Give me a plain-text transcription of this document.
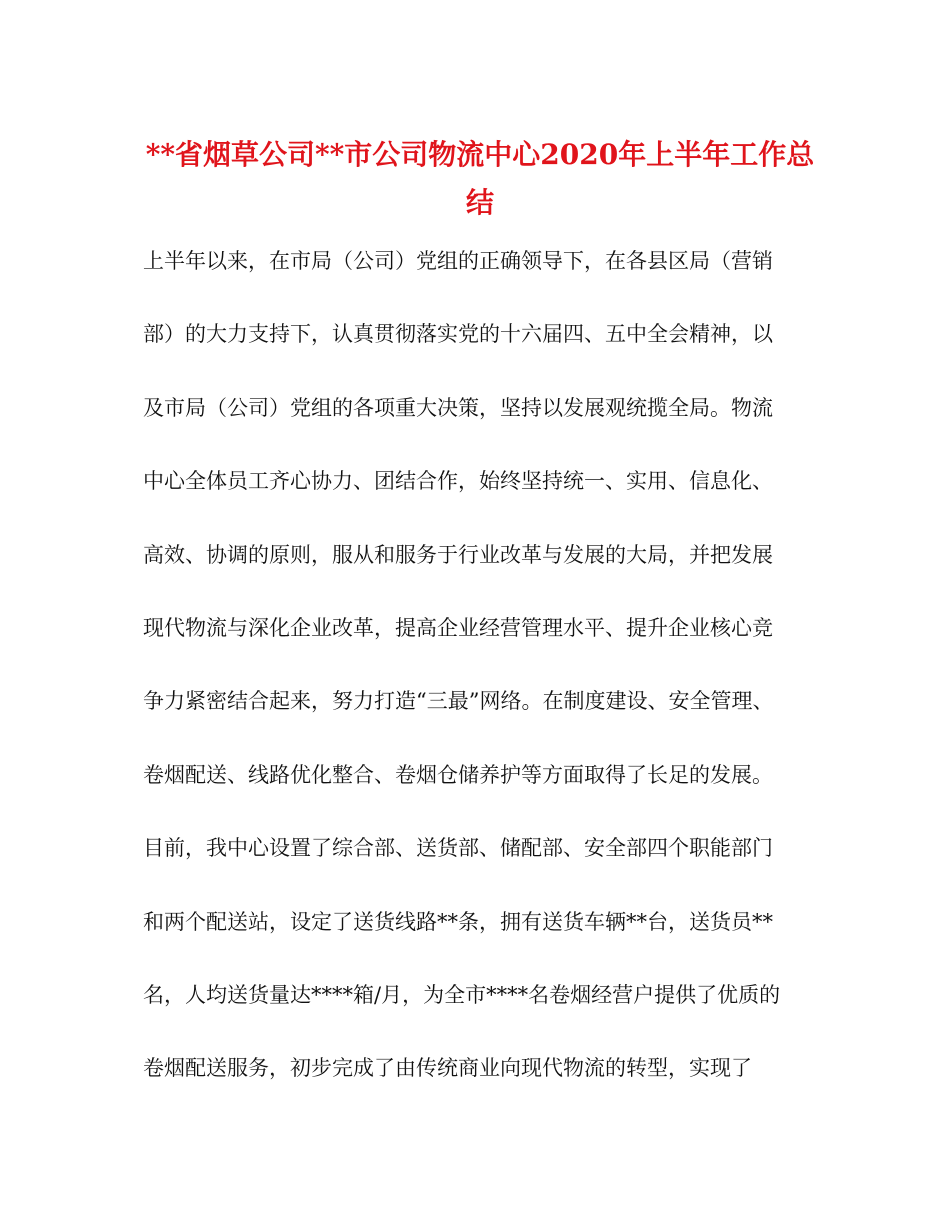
**省烟草公司**市公司物流中心2020年上半年工作总
结
上半年以来，在市局（公司）党组的正确领导下，在各县区局（营销
部）的大力支持下，认真贯彻落实党的十六届四、五中全会精神，以
及市局（公司）党组的各项重大决策，坚持以发展观统揽全局。物流
中心全体员工齐心协力、团结合作，始终坚持统一、实用、信息化、
高效、协调的原则，服从和服务于行业改革与发展的大局，并把发展
现代物流与深化企业改革，提高企业经营管理水平、提升企业核心竞
争力紧密结合起来，努力打造“三最”网络。在制度建设、安全管理、
卷烟配送、线路优化整合、卷烟仓储养护等方面取得了长足的发展。
目前，我中心设置了综合部、送货部、储配部、安全部四个职能部门
和两个配送站，设定了送货线路**条，拥有送货车辆**台，送货员**
名，人均送货量达****箱/月，为全市****名卷烟经营户提供了优质的
卷烟配送服务，初步完成了由传统商业向现代物流的转型，实现了
